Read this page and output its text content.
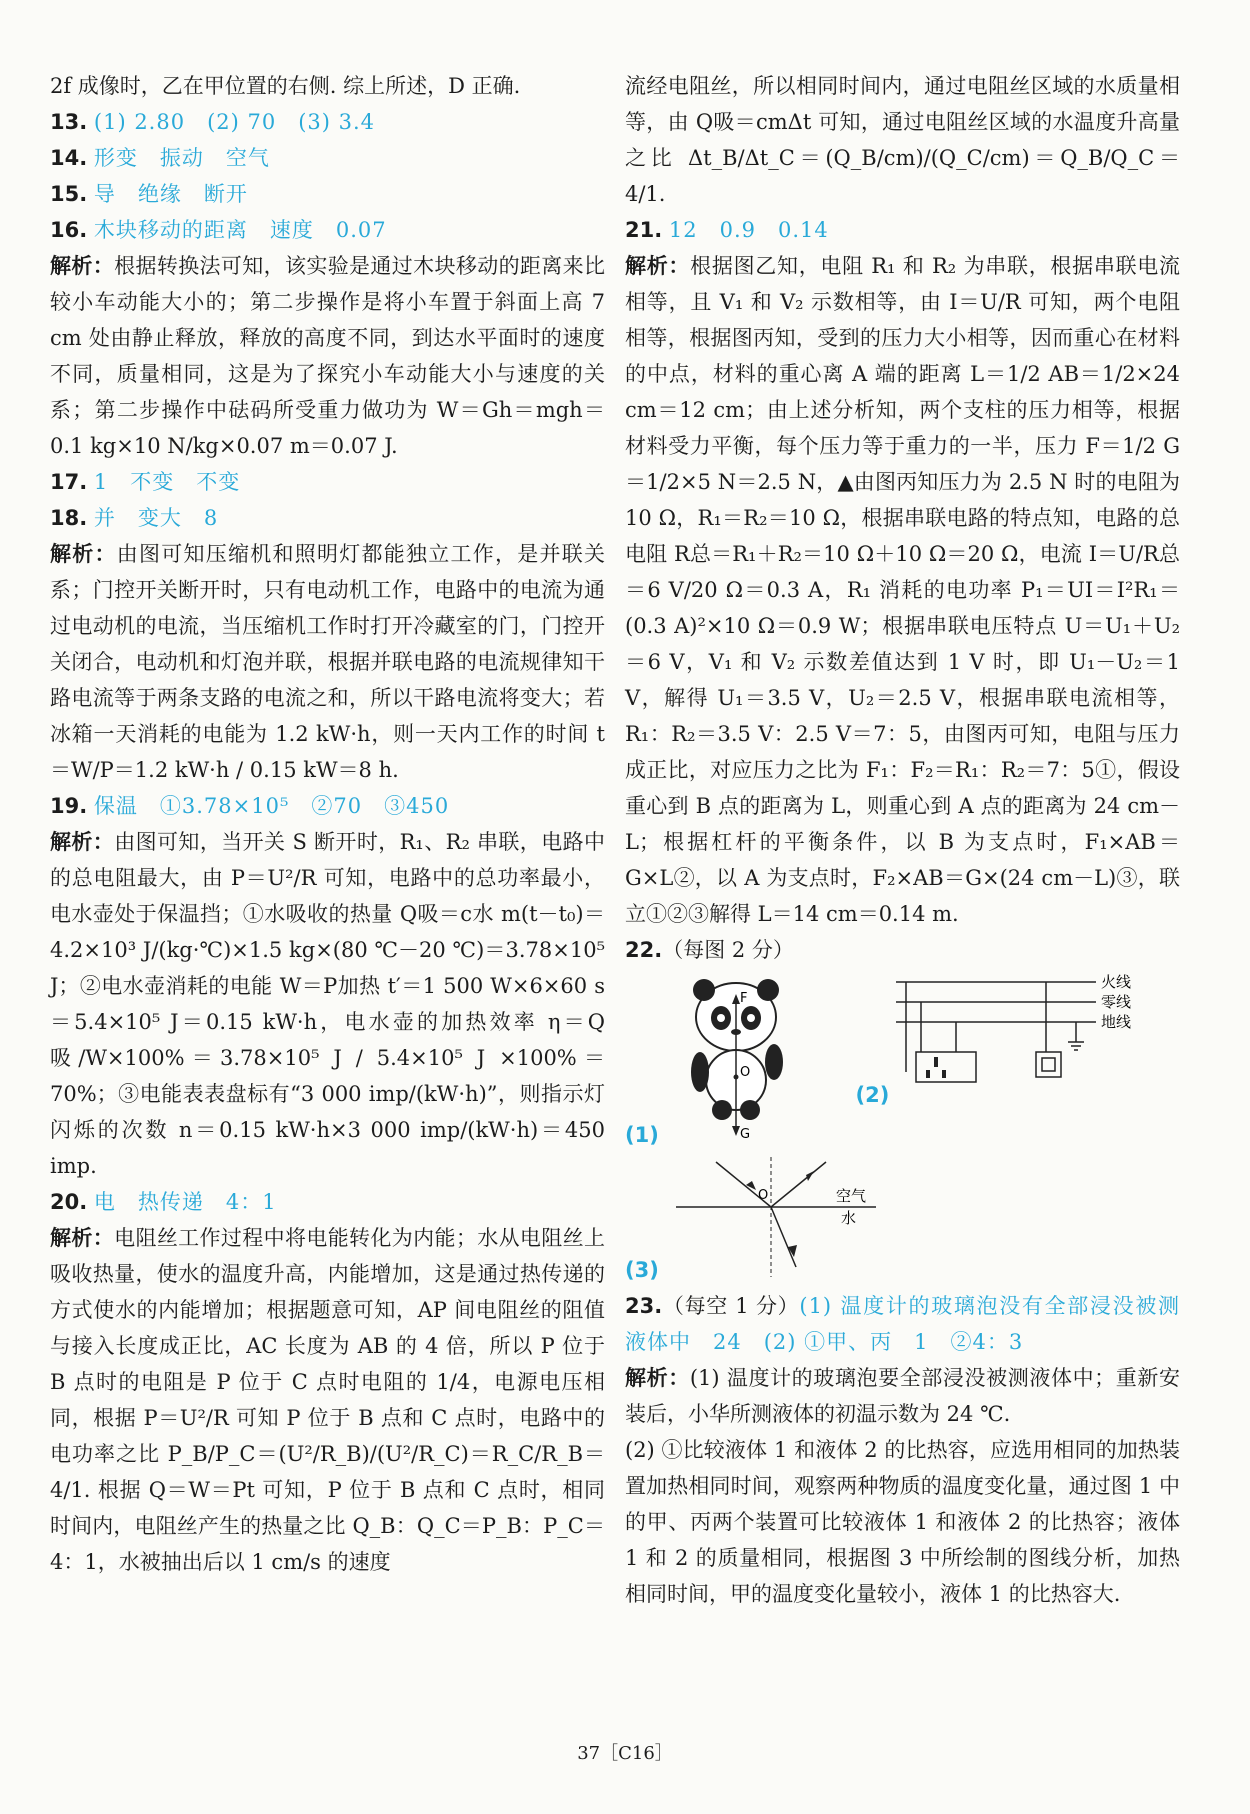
2f 成像时，乙在甲位置的右侧. 综上所述，D 正确.

13. (1) 2.80　(2) 70　(3) 3.4

14. 形变　振动　空气

15. 导　绝缘　断开

16. 木块移动的距离　速度　0.07

解析：根据转换法可知，该实验是通过木块移动的距离来比较小车动能大小的；第二步操作是将小车置于斜面上高 7 cm 处由静止释放，释放的高度不同，到达水平面时的速度不同，质量相同，这是为了探究小车动能大小与速度的关系；第二步操作中砝码所受重力做功为 W＝Gh＝mgh＝0.1 kg×10 N/kg×0.07 m＝0.07 J.

17. 1　不变　不变

18. 并　变大　8

解析：由图可知压缩机和照明灯都能独立工作，是并联关系；门控开关断开时，只有电动机工作，电路中的电流为通过电动机的电流，当压缩机工作时打开冷藏室的门，门控开关闭合，电动机和灯泡并联，根据并联电路的电流规律知干路电流等于两条支路的电流之和，所以干路电流将变大；若冰箱一天消耗的电能为 1.2 kW·h，则一天内工作的时间 t＝W/P＝1.2 kW·h / 0.15 kW＝8 h.

19. 保温　①3.78×10⁵　②70　③450

解析：由图可知，当开关 S 断开时，R₁、R₂ 串联，电路中的总电阻最大，由 P＝U²/R 可知，电路中的总功率最小，电水壶处于保温挡；①水吸收的热量 Q吸＝c水 m(t－t₀)＝4.2×10³ J/(kg·℃)×1.5 kg×(80 ℃－20 ℃)＝3.78×10⁵ J；②电水壶消耗的电能 W＝P加热 t′＝1 500 W×6×60 s＝5.4×10⁵ J＝0.15 kW·h，电水壶的加热效率 η＝Q吸/W×100%＝3.78×10⁵ J / 5.4×10⁵ J ×100%＝70%；③电能表表盘标有“3 000 imp/(kW·h)”，则指示灯闪烁的次数 n＝0.15 kW·h×3 000 imp/(kW·h)＝450 imp.

20. 电　热传递　4：1

解析：电阻丝工作过程中将电能转化为内能；水从电阻丝上吸收热量，使水的温度升高，内能增加，这是通过热传递的方式使水的内能增加；根据题意可知，AP 间电阻丝的阻值与接入长度成正比，AC 长度为 AB 的 4 倍，所以 P 位于 B 点时的电阻是 P 位于 C 点时电阻的 1/4，电源电压相同，根据 P＝U²/R 可知 P 位于 B 点和 C 点时，电路中的电功率之比 P_B/P_C＝(U²/R_B)/(U²/R_C)＝R_C/R_B＝4/1. 根据 Q＝W＝Pt 可知，P 位于 B 点和 C 点时，相同时间内，电阻丝产生的热量之比 Q_B：Q_C＝P_B：P_C＝4：1，水被抽出后以 1 cm/s 的速度

流经电阻丝，所以相同时间内，通过电阻丝区域的水质量相等，由 Q吸＝cmΔt 可知，通过电阻丝区域的水温度升高量之比 Δt_B/Δt_C＝(Q_B/cm)/(Q_C/cm)＝Q_B/Q_C＝4/1.

21. 12　0.9　0.14

解析：根据图乙知，电阻 R₁ 和 R₂ 为串联，根据串联电流相等，且 V₁ 和 V₂ 示数相等，由 I＝U/R 可知，两个电阻相等，根据图丙知，受到的压力大小相等，因而重心在材料的中点，材料的重心离 A 端的距离 L＝1/2 AB＝1/2×24 cm＝12 cm；由上述分析知，两个支柱的压力相等，根据材料受力平衡，每个压力等于重力的一半，压力 F＝1/2 G＝1/2×5 N＝2.5 N，▲由图丙知压力为 2.5 N 时的电阻为 10 Ω，R₁＝R₂＝10 Ω，根据串联电路的特点知，电路的总电阻 R总＝R₁＋R₂＝10 Ω＋10 Ω＝20 Ω，电流 I＝U/R总＝6 V/20 Ω＝0.3 A，R₁ 消耗的电功率 P₁＝UI＝I²R₁＝(0.3 A)²×10 Ω＝0.9 W；根据串联电压特点 U＝U₁＋U₂＝6 V，V₁ 和 V₂ 示数差值达到 1 V 时，即 U₁－U₂＝1 V，解得 U₁＝3.5 V，U₂＝2.5 V，根据串联电流相等，R₁：R₂＝3.5 V：2.5 V＝7：5，由图丙可知，电阻与压力成正比，对应压力之比为 F₁：F₂＝R₁：R₂＝7：5①，假设重心到 B 点的距离为 L，则重心到 A 点的距离为 24 cm－L；根据杠杆的平衡条件，以 B 为支点时，F₁×AB＝G×L②，以 A 为支点时，F₂×AB＝G×(24 cm－L)③，联立①②③解得 L＝14 cm＝0.14 m.

22.（每图 2 分）

(1)
F
O
G
(2)
火线
零线
地线
(3)
O	空气
水

23.（每空 1 分）(1) 温度计的玻璃泡没有全部浸没被测液体中　24　(2) ①甲、丙　1　②4：3

解析：(1) 温度计的玻璃泡要全部浸没被测液体中；重新安装后，小华所测液体的初温示数为 24 ℃.

(2) ①比较液体 1 和液体 2 的比热容，应选用相同的加热装置加热相同时间，观察两种物质的温度变化量，通过图 1 中的甲、丙两个装置可比较液体 1 和液体 2 的比热容；液体 1 和 2 的质量相同，根据图 3 中所绘制的图线分析，加热相同时间，甲的温度变化量较小，液体 1 的比热容大.

37［C16］
